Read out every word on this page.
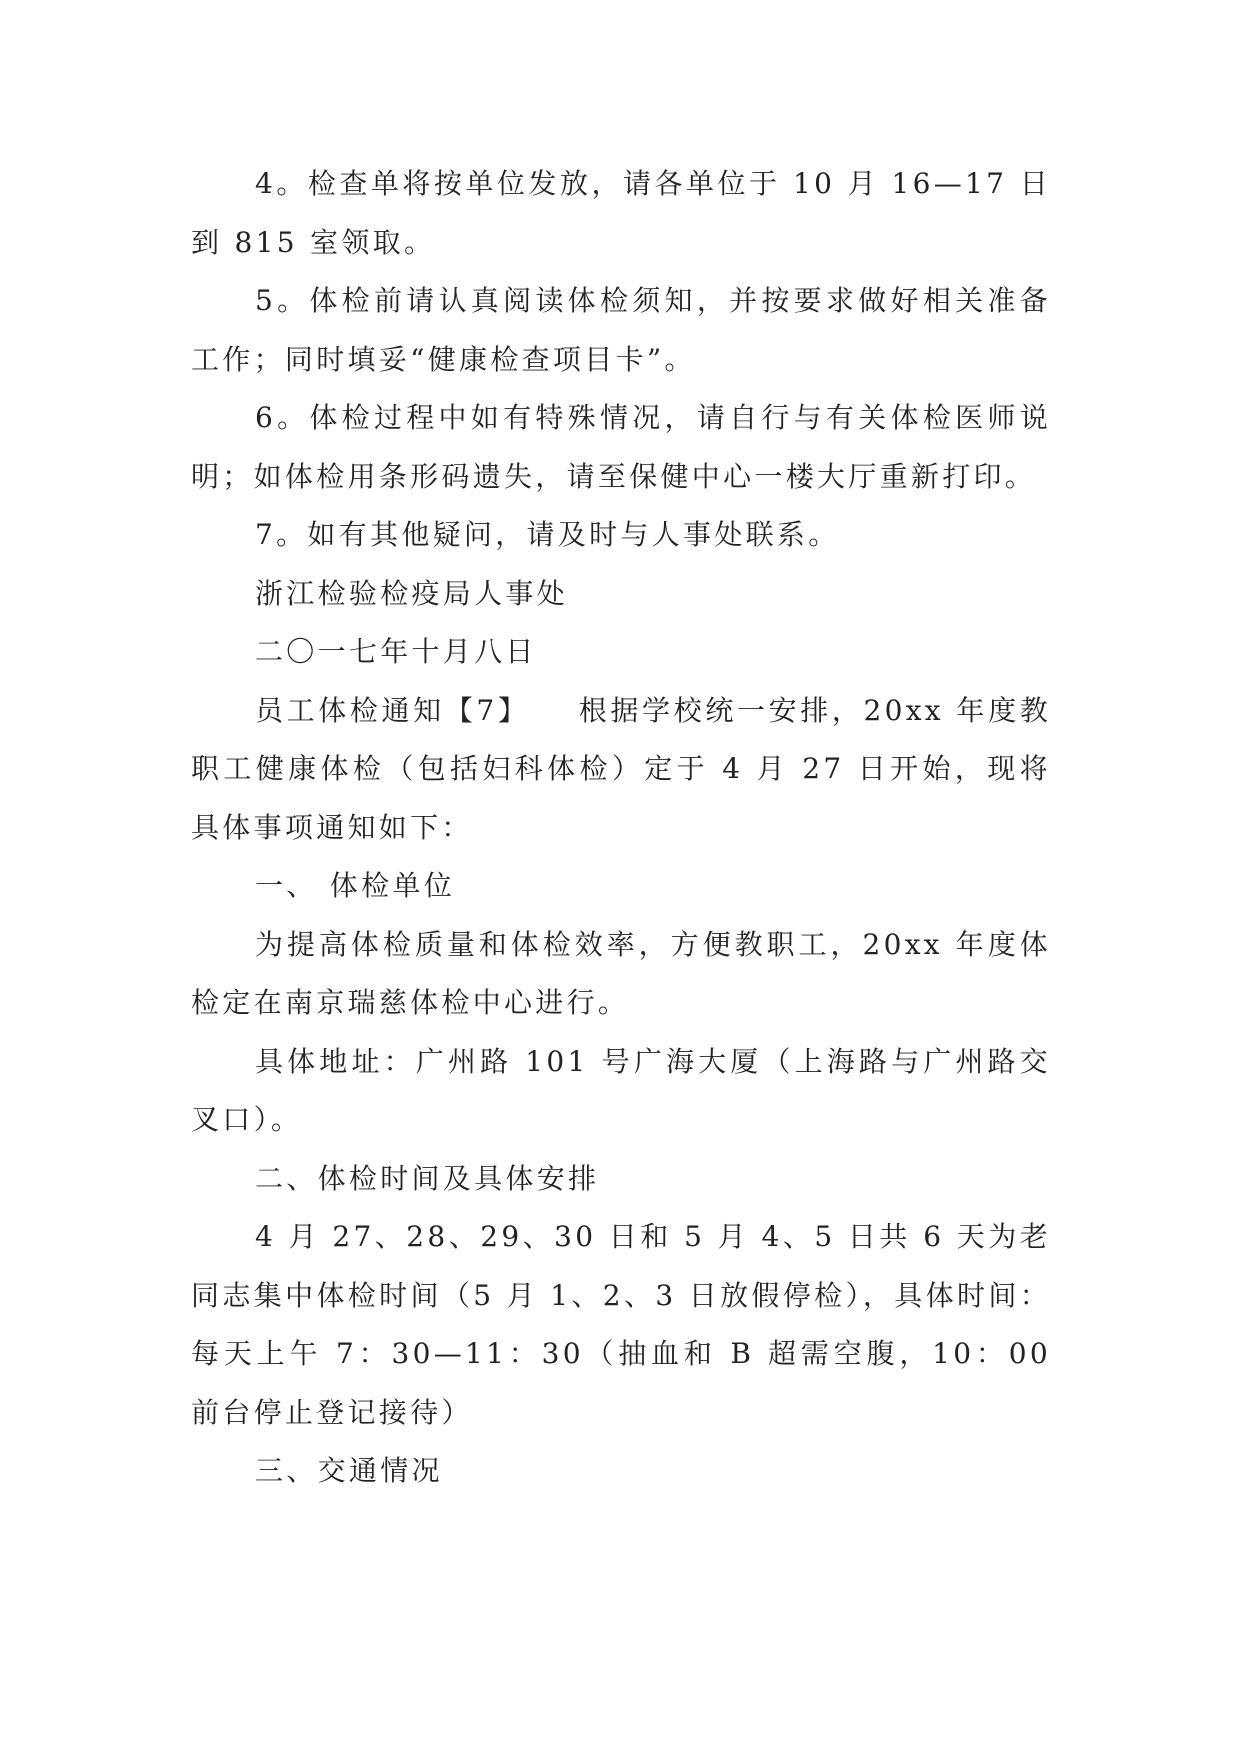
4。检查单将按单位发放，请各单位于 10 月 16—17 日到 815 室领取。

5。体检前请认真阅读体检须知，并按要求做好相关准备工作；同时填妥“健康检查项目卡”。

6。体检过程中如有特殊情况，请自行与有关体检医师说明；如体检用条形码遗失，请至保健中心一楼大厅重新打印。

7。如有其他疑问，请及时与人事处联系。

浙江检验检疫局人事处

二〇一七年十月八日

员工体检通知【7】　　根据学校统一安排，20xx 年度教职工健康体检（包括妇科体检）定于 4 月 27 日开始，现将具体事项通知如下：

一、 体检单位

为提高体检质量和体检效率，方便教职工，20xx 年度体检定在南京瑞慈体检中心进行。

具体地址：广州路 101 号广海大厦（上海路与广州路交叉口）。

二、体检时间及具体安排

4 月 27、28、29、30 日和 5 月 4、5 日共 6 天为老同志集中体检时间（5 月 1、2、3 日放假停检），具体时间：每天上午 7：30—11：30（抽血和 B 超需空腹，10：00 前台停止登记接待）

三、交通情况
